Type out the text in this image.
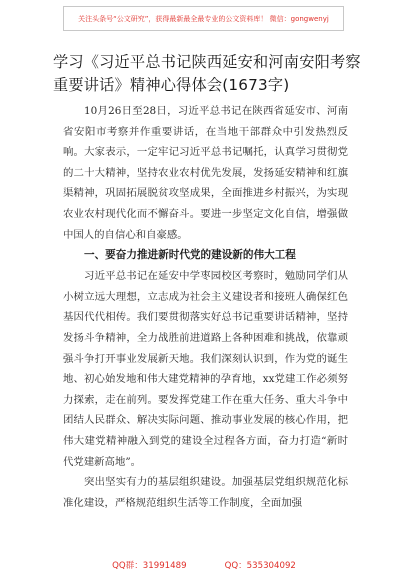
关注头条号“公文研究”，获得最新最全最专业的公文资料库！ 微信：gongwenyj
学习《习近平总书记陕西延安和河南安阳考察重要讲话》精神心得体会(1673字)

10月26日至28日，习近平总书记在陕西省延安市、河南省安阳市考察并作重要讲话，在当地干部群众中引发热烈反响。大家表示，一定牢记习近平总书记嘱托，认真学习贯彻党的二十大精神，坚持农业农村优先发展，发扬延安精神和红旗渠精神，巩固拓展脱贫攻坚成果，全面推进乡村振兴，为实现农业农村现代化而不懈奋斗。要进一步坚定文化自信，增强做中国人的自信心和自豪感。

一、要奋力推进新时代党的建设新的伟大工程

习近平总书记在延安中学枣园校区考察时，勉励同学们从小树立远大理想，立志成为社会主义建设者和接班人确保红色基因代代相传。我们要贯彻落实好总书记重要讲话精神，坚持发扬斗争精神，全力战胜前进道路上各种困难和挑战，依靠顽强斗争打开事业发展新天地。我们深刻认识到，作为党的诞生地、初心始发地和伟大建党精神的孕育地，xx党建工作必须努力探索，走在前列。要发挥党建工作在重大任务、重大斗争中团结人民群众、解决实际问题、推动事业发展的核心作用，把伟大建党精神融入到党的建设全过程各方面，奋力打造“新时代党建新高地”。

突出坚实有力的基层组织建设。加强基层党组织规范化标准化建设，严格规范组织生活等工作制度，全面加强

QQ群：31991489	QQ：535304092
